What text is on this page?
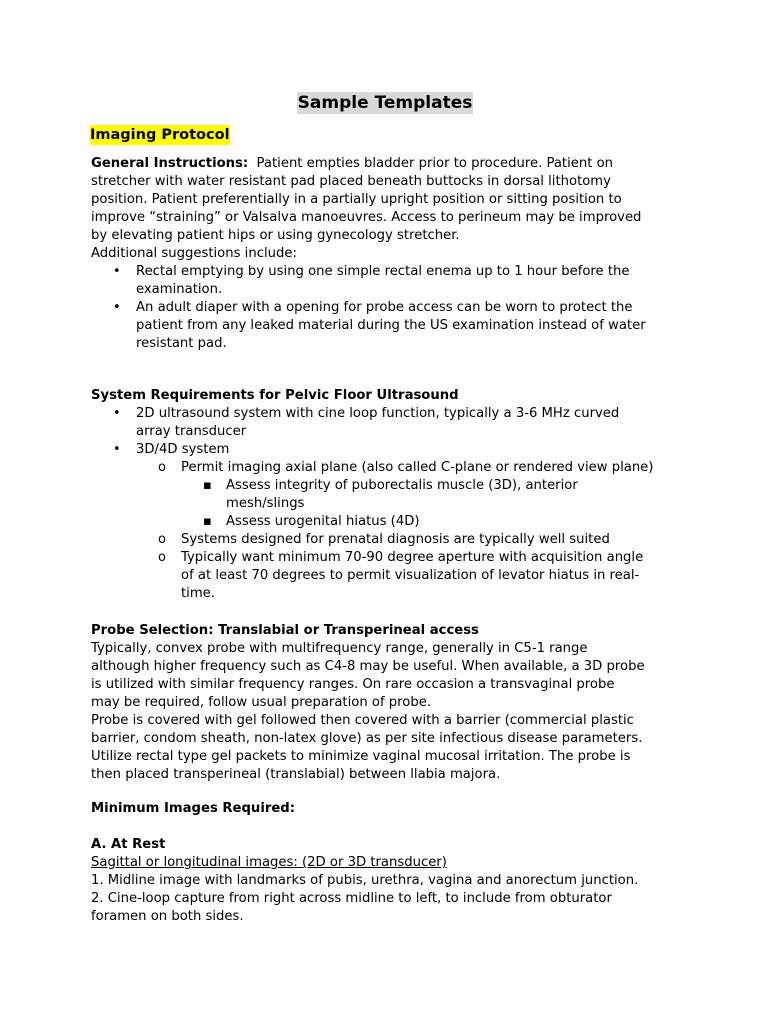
Sample Templates
Imaging Protocol
General Instructions:  Patient empties bladder prior to procedure. Patient on
stretcher with water resistant pad placed beneath buttocks in dorsal lithotomy
position. Patient preferentially in a partially upright position or sitting position to
improve “straining” or Valsalva manoeuvres. Access to perineum may be improved
by elevating patient hips or using gynecology stretcher.
Additional suggestions include:
• Rectal emptying by using one simple rectal enema up to 1 hour before the
examination.
• An adult diaper with a opening for probe access can be worn to protect the
patient from any leaked material during the US examination instead of water
resistant pad.
System Requirements for Pelvic Floor Ultrasound
• 2D ultrasound system with cine loop function, typically a 3-6 MHz curved
array transducer
• 3D/4D system
o Permit imaging axial plane (also called C-plane or rendered view plane)
▪ Assess integrity of puborectalis muscle (3D), anterior
mesh/slings
▪ Assess urogenital hiatus (4D)
o Systems designed for prenatal diagnosis are typically well suited
o Typically want minimum 70-90 degree aperture with acquisition angle
of at least 70 degrees to permit visualization of levator hiatus in real-
time.
Probe Selection: Translabial or Transperineal access
Typically, convex probe with multifrequency range, generally in C5-1 range
although higher frequency such as C4-8 may be useful. When available, a 3D probe
is utilized with similar frequency ranges. On rare occasion a transvaginal probe
may be required, follow usual preparation of probe.
Probe is covered with gel followed then covered with a barrier (commercial plastic
barrier, condom sheath, non-latex glove) as per site infectious disease parameters.
Utilize rectal type gel packets to minimize vaginal mucosal irritation. The probe is
then placed transperineal (translabial) between llabia majora.
Minimum Images Required:
A. At Rest
Sagittal or longitudinal images: (2D or 3D transducer)
1. Midline image with landmarks of pubis, urethra, vagina and anorectum junction.
2. Cine-loop capture from right across midline to left, to include from obturator
foramen on both sides.
